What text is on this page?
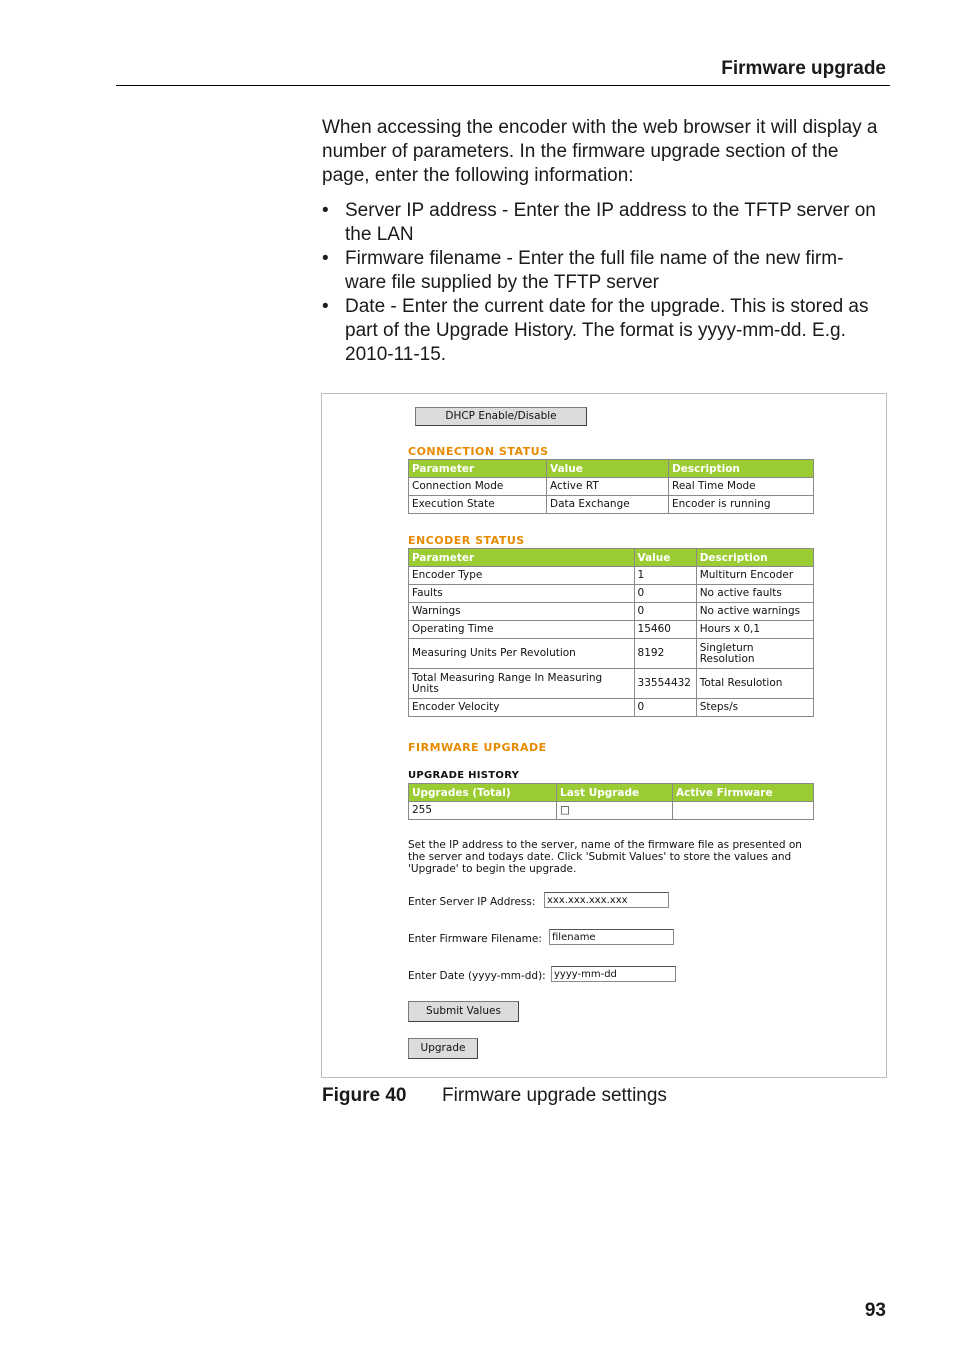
Firmware upgrade

When accessing the encoder with the web browser it will display a number of parameters. In the firmware upgrade section of the page, enter the following information:

• Server IP address - Enter the IP address to the TFTP server on the LAN
• Firmware filename - Enter the full file name of the new firm-ware file supplied by the TFTP server
• Date - Enter the current date for the upgrade. This is stored as part of the Upgrade History. The format is yyyy-mm-dd. E.g. 2010-11-15.
DHCP Enable/Disable
CONNECTION STATUS
Parameter	Value	Description
Connection Mode	Active RT	Real Time Mode
Execution State	Data Exchange	Encoder is running
ENCODER STATUS
Parameter	Value	Description
Encoder Type	1	Multiturn Encoder
Faults	0	No active faults
Warnings	0	No active warnings
Operating Time	15460	Hours x 0,1
Measuring Units Per Revolution	8192	Singleturn Resolution
Total Measuring Range In Measuring Units	33554432	Total Resulotion
Encoder Velocity	0	Steps/s
FIRMWARE UPGRADE
UPGRADE HISTORY
Upgrades (Total)	Last Upgrade	Active Firmware
255	□	

Set the IP address to the server, name of the firmware file as presented on the server and todays date. Click 'Submit Values' to store the values and 'Upgrade' to begin the upgrade.

Enter Server IP Address:
xxx.xxx.xxx.xxx
Enter Firmware Filename:
filename
Enter Date (yyyy-mm-dd):
yyyy-mm-dd
Submit Values
Upgrade
Figure 40 Firmware upgrade settings
93
